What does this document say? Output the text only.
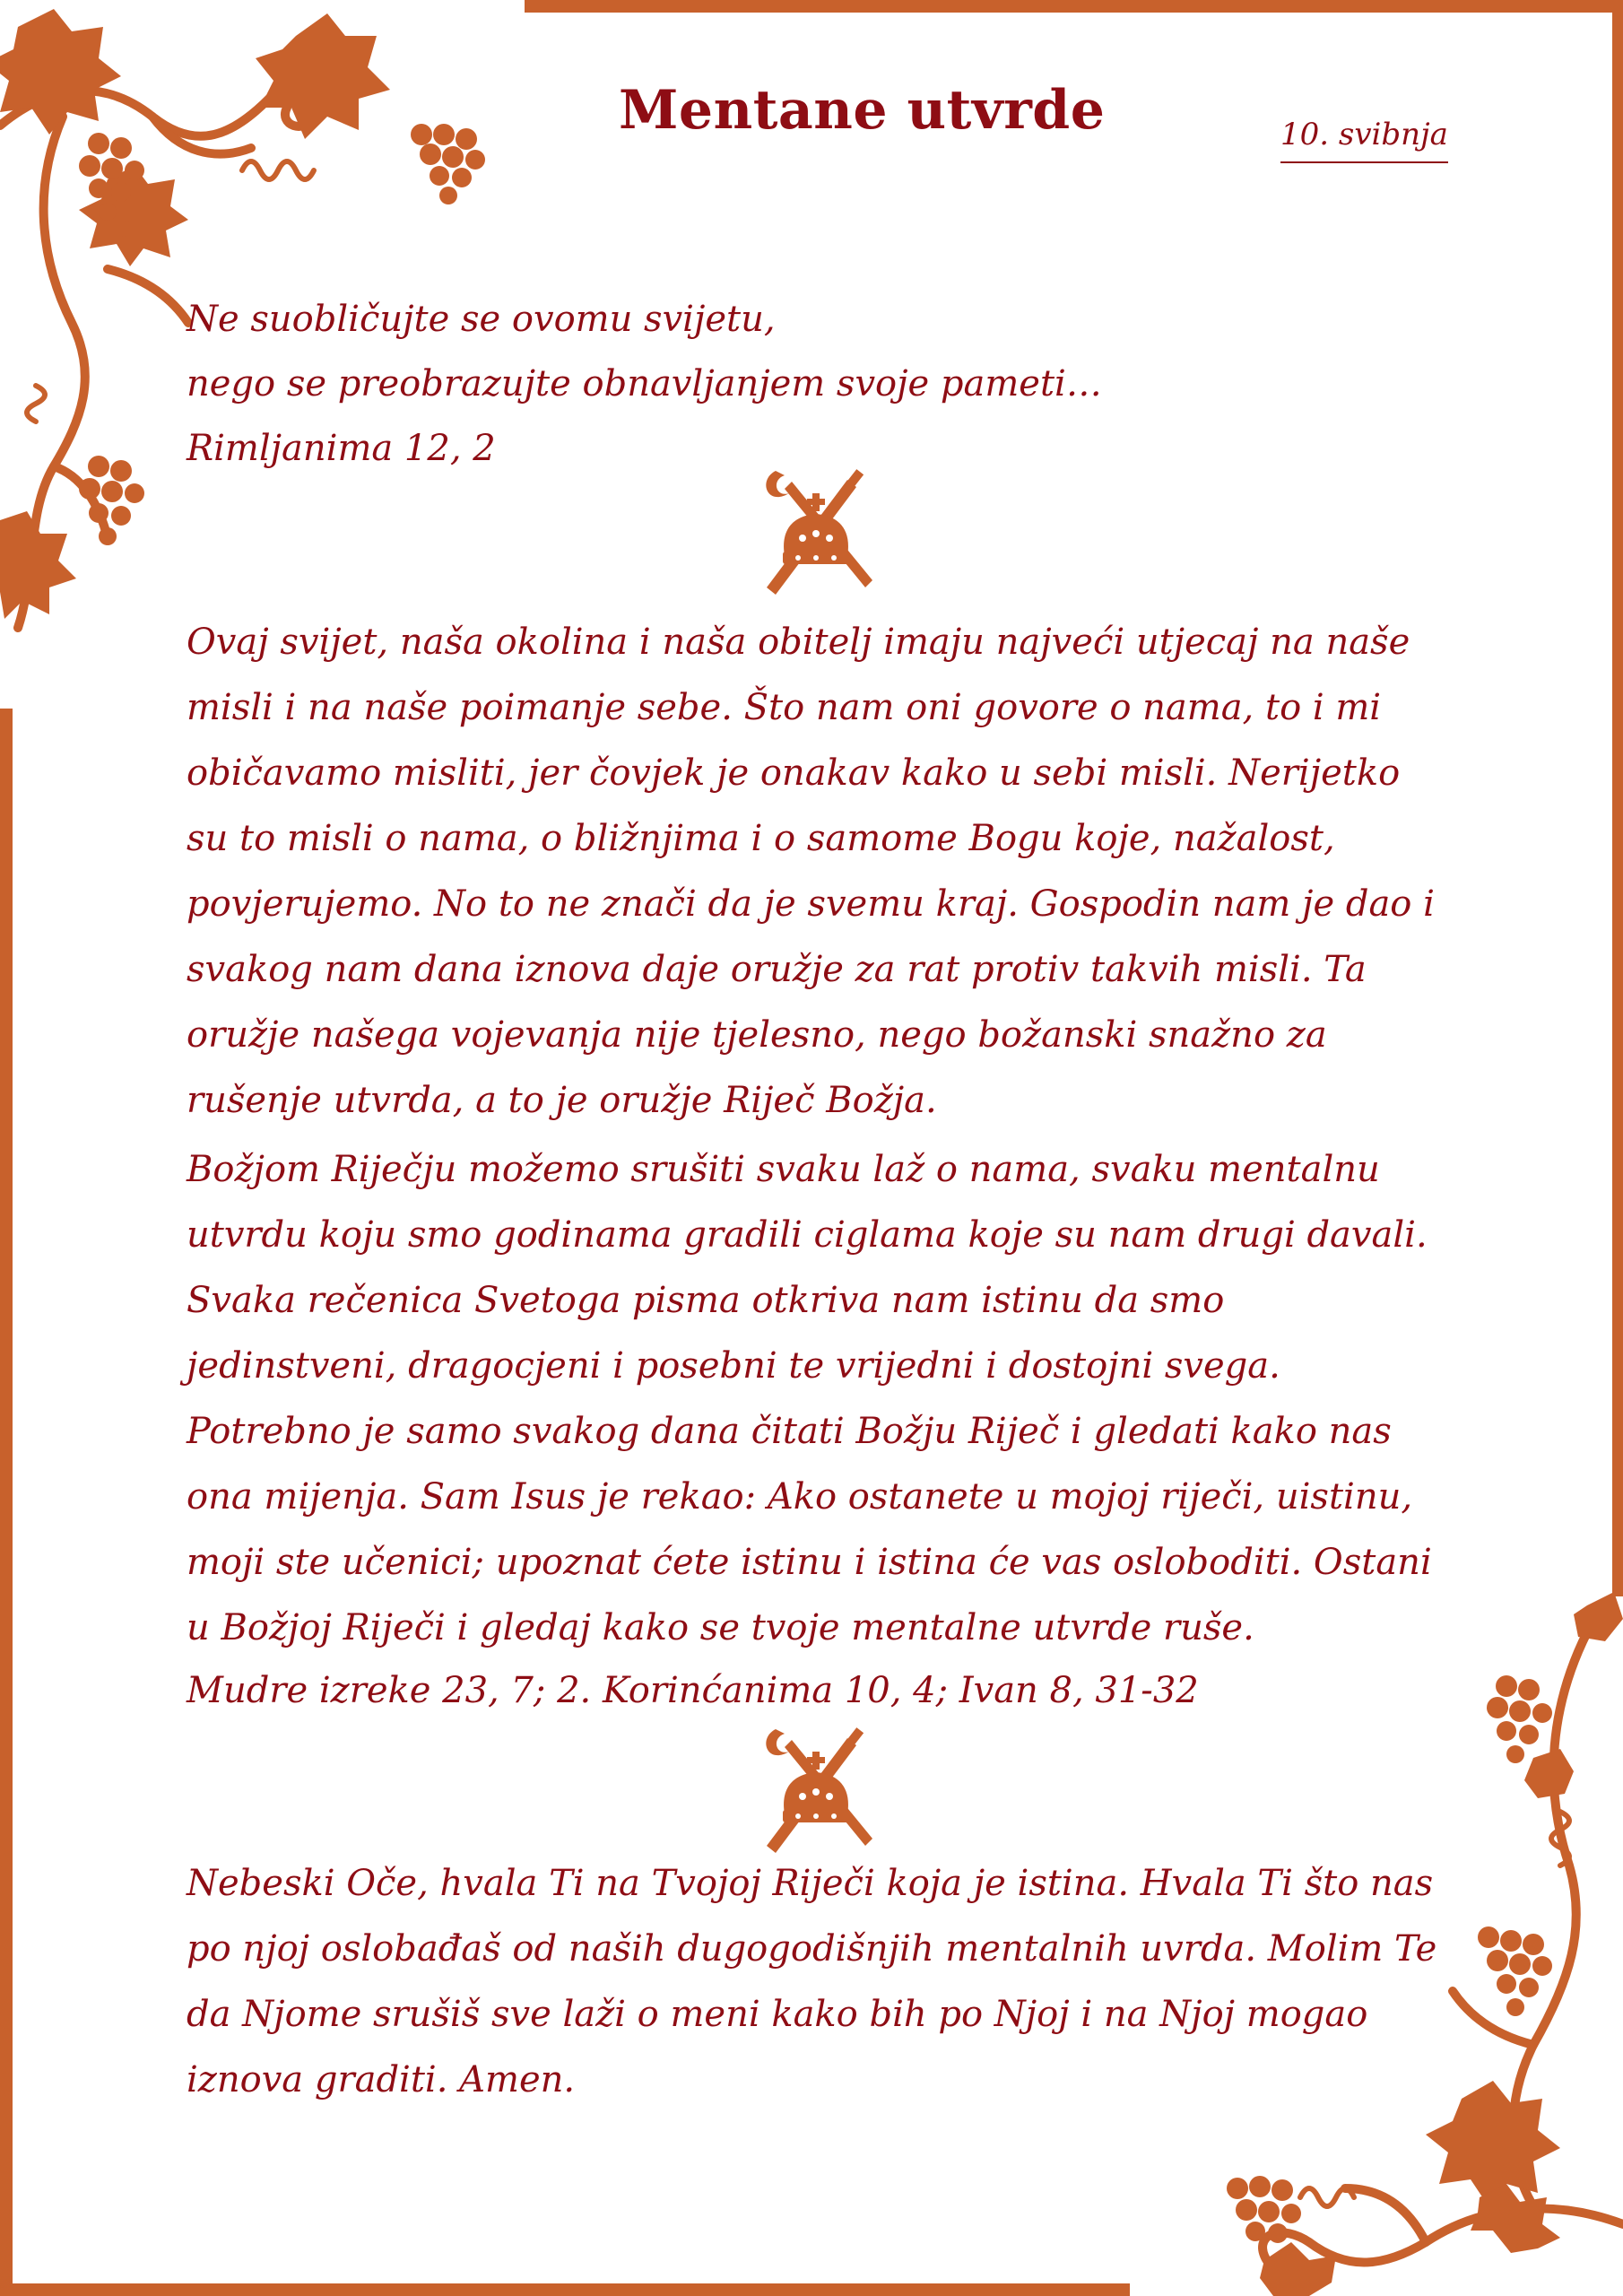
Mentane utvrde	10. svibnja
Ne suobličujte se ovomu svijetu,
nego se preobrazujte obnavljanjem svoje pameti…
Rimljanima 12, 2

Ovaj svijet, naša okolina i naša obitelj imaju najveći utjecaj na naše misli i na naše poimanje sebe. Što nam oni govore o nama, to i mi običavamo misliti, jer čovjek je onakav kako u sebi misli. Nerijetko su to misli o nama, o bližnjima i o samome Bogu koje, nažalost, povjerujemo. No to ne znači da je svemu kraj. Gospodin nam je dao i svakog nam dana iznova daje oružje za rat protiv takvih misli. Ta oružje našega vojevanja nije tjelesno, nego božanski snažno za rušenje utvrda, a to je oružje Riječ Božja.

Božjom Riječju možemo srušiti svaku laž o nama, svaku mentalnu utvrdu koju smo godinama gradili ciglama koje su nam drugi davali. Svaka rečenica Svetoga pisma otkriva nam istinu da smo jedinstveni, dragocjeni i posebni te vrijedni i dostojni svega. Potrebno je samo svakog dana čitati Božju Riječ i gledati kako nas ona mijenja. Sam Isus je rekao: Ako ostanete u mojoj riječi, uistinu, moji ste učenici; upoznat ćete istinu i istina će vas osloboditi. Ostani u Božjoj Riječi i gledaj kako se tvoje mentalne utvrde ruše.

Mudre izreke 23, 7; 2. Korinćanima 10, 4; Ivan 8, 31-32

Nebeski Oče, hvala Ti na Tvojoj Riječi koja je istina. Hvala Ti što nas po njoj oslobađaš od naših dugogodišnjih mentalnih uvrda. Molim Te da Njome srušiš sve laži o meni kako bih po Njoj i na Njoj mogao iznova graditi. Amen.
